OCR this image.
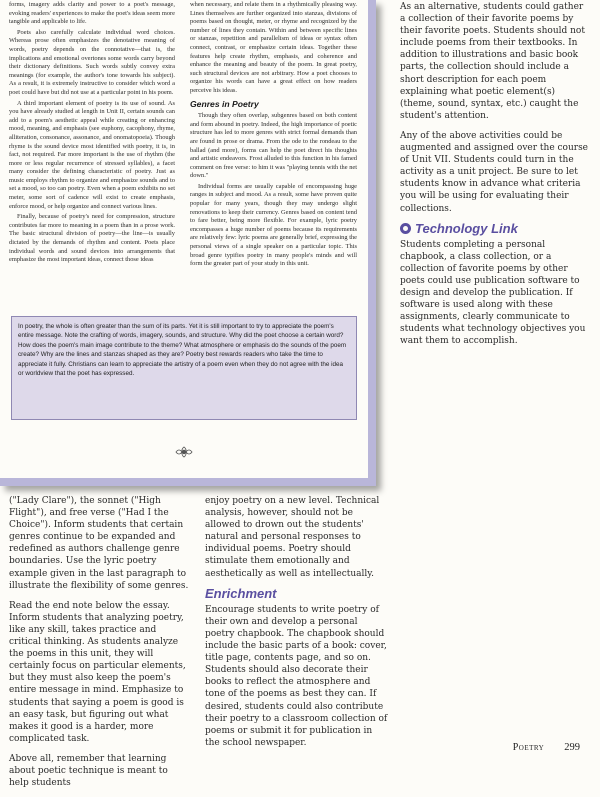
forms, imagery adds clarity and power to a poet's message, evoking readers' experiences to make the poet's ideas seem more tangible and applicable to life.

Poets also carefully calculate individual word choices. Whereas prose often emphasizes the denotative meaning of words, poetry depends on the connotative—that is, the implications and emotional overtones some words carry beyond their dictionary definitions. Such words subtly convey extra meanings (for example, the author's tone towards his subject). As a result, it is extremely instructive to consider which word a poet could have but did not use at a particular point in his poem.

A third important element of poetry is its use of sound. As you have already studied at length in Unit II, certain sounds can add to a poem's aesthetic appeal while creating or enhancing mood, meaning, and emphasis (see euphony, cacophony, rhyme, alliteration, consonance, assonance, and onomatopoeia). Though rhyme is the sound device most identified with poetry, it is, in fact, not required. Far more important is the use of rhythm (the more or less regular recurrence of stressed syllables), a facet many consider the defining characteristic of poetry. Just as music employs rhythm to organize and emphasize sounds and to set a mood, so too can poetry. Even when a poem exhibits no set meter, some sort of cadence will exist to create emphasis, enforce mood, or help organize and connect various lines.

Finally, because of poetry's need for compression, structure contributes far more to meaning in a poem than in a prose work. The basic structural division of poetry—the line—is usually dictated by the demands of rhythm and content. Poets place individual words and sound devices into arrangements that emphasize the most important ideas, connect those ideas

when necessary, and relate them in a rhythmically pleasing way. Lines themselves are further organized into stanzas, divisions of poems based on thought, meter, or rhyme and recognized by the number of lines they contain. Within and between specific lines or stanzas, repetition and parallelism of ideas or syntax often connect, contrast, or emphasize certain ideas. Together these features help create rhythm, emphasis, and coherence and enhance the meaning and beauty of the poem. In great poetry, such structural devices are not arbitrary. How a poet chooses to organize his words can have a great effect on how readers perceive his ideas.

Genres in Poetry

Though they often overlap, subgenres based on both content and form abound in poetry. Indeed, the high importance of poetic structure has led to more genres with strict formal demands than are found in prose or drama. From the ode to the rondeau to the ballad (and more), forms can help the poet direct his thoughts and artistic endeavors. Frost alluded to this function in his famed comment on free verse: to him it was "playing tennis with the net down."

Individual forms are usually capable of encompassing huge ranges in subject and mood. As a result, some have proven quite popular for many years, though they may undergo slight renovations to keep their currency. Genres based on content tend to fare better, being more flexible. For example, lyric poetry encompasses a huge number of poems because its requirements are relatively few: lyric poems are generally brief, expressing the personal views of a single speaker on a particular topic. This broad genre typifies poetry in many people's minds and will form the greater part of your study in this unit.

In poetry, the whole is often greater than the sum of its parts. Yet it is still important to try to appreciate the poem's entire message. Note the crafting of words, imagery, sounds, and structure. Why did the poet choose a certain word? How does the poem's main image contribute to the theme? What atmosphere or emphasis do the sounds of the poem create? Why are the lines and stanzas shaped as they are? Poetry best rewards readers who take the time to appreciate it fully. Christians can learn to appreciate the artistry of a poem even when they do not agree with the idea or worldview that the poet has expressed.

As an alternative, students could gather a collection of their favorite poems by their favorite poets. Students should not include poems from their textbooks. In addition to illustrations and basic book parts, the collection should include a short description for each poem explaining what poetic element(s) (theme, sound, syntax, etc.) caught the student's attention.

Any of the above activities could be augmented and assigned over the course of Unit VII. Students could turn in the activity as a unit project. Be sure to let students know in advance what criteria you will be using for evaluating their collections.

Technology Link

Students completing a personal chapbook, a class collection, or a collection of favorite poems by other poets could use publication software to design and develop the publication. If software is used along with these assignments, clearly communicate to students what technology objectives you want them to accomplish.

("Lady Clare"), the sonnet ("High Flight"), and free verse ("Had I the Choice"). Inform students that certain genres continue to be expanded and redefined as authors challenge genre boundaries. Use the lyric poetry example given in the last paragraph to illustrate the flexibility of some genres.

Read the end note below the essay. Inform students that analyzing poetry, like any skill, takes practice and critical thinking. As students analyze the poems in this unit, they will certainly focus on particular elements, but they must also keep the poem's entire message in mind. Emphasize to students that saying a poem is good is an easy task, but figuring out what makes it good is a harder, more complicated task.

Above all, remember that learning about poetic technique is meant to help students

enjoy poetry on a new level. Technical analysis, however, should not be allowed to drown out the students' natural and personal responses to individual poems. Poetry should stimulate them emotionally and aesthetically as well as intellectually.

Enrichment

Encourage students to write poetry of their own and develop a personal poetry chapbook. The chapbook should include the basic parts of a book: cover, title page, contents page, and so on. Students should also decorate their books to reflect the atmosphere and tone of the poems as best they can. If desired, students could also contribute their poetry to a classroom collection of poems or submit it for publication in the school newspaper.	Poetry 299
